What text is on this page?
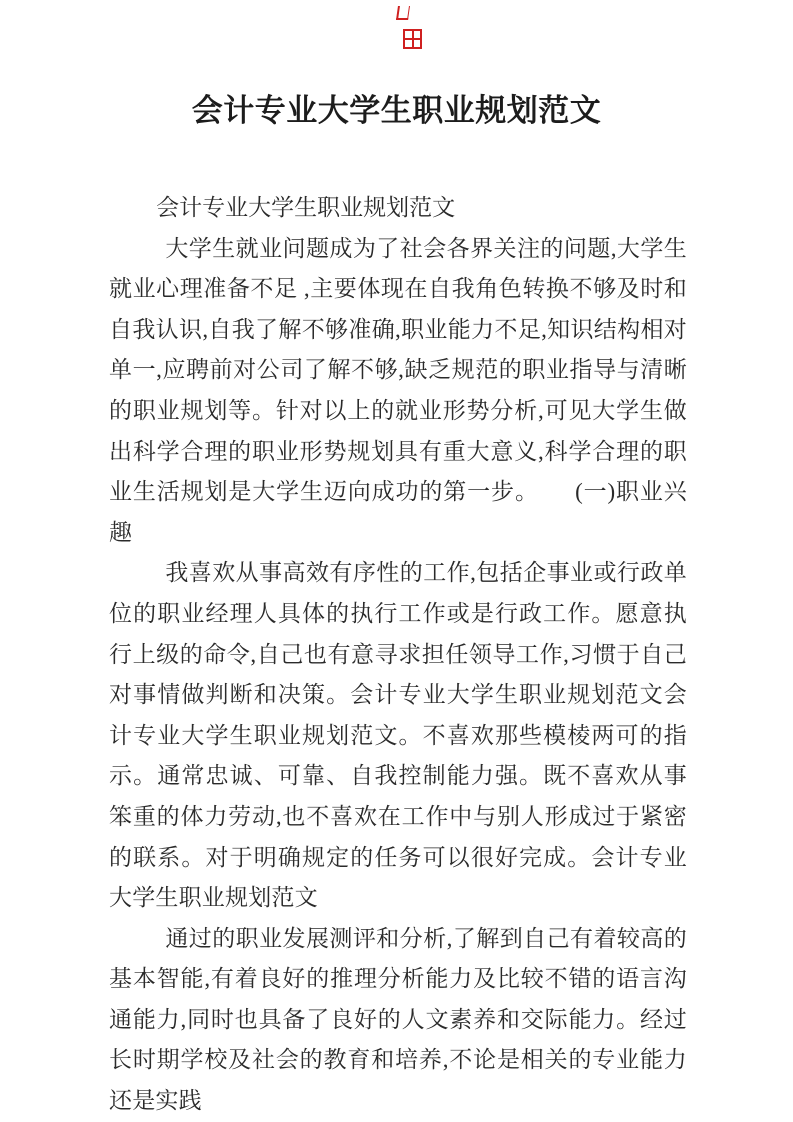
会计专业大学生职业规划范文

会计专业大学生职业规划范文

大学生就业问题成为了社会各界关注的问题,大学生就业心理准备不足 ,主要体现在自我角色转换不够及时和自我认识,自我了解不够准确,职业能力不足,知识结构相对单一,应聘前对公司了解不够,缺乏规范的职业指导与清晰的职业规划等。针对以上的就业形势分析,可见大学生做出科学合理的职业形势规划具有重大意义,科学合理的职业生活规划是大学生迈向成功的第一步。　　(一)职业兴趣

我喜欢从事高效有序性的工作,包括企事业或行政单位的职业经理人具体的执行工作或是行政工作。愿意执行上级的命令,自己也有意寻求担任领导工作,习惯于自己对事情做判断和决策。会计专业大学生职业规划范文会计专业大学生职业规划范文。不喜欢那些模棱两可的指示。通常忠诚、可靠、自我控制能力强。既不喜欢从事笨重的体力劳动,也不喜欢在工作中与别人形成过于紧密的联系。对于明确规定的任务可以很好完成。会计专业大学生职业规划范文

通过的职业发展测评和分析,了解到自己有着较高的基本智能,有着良好的推理分析能力及比较不错的语言沟通能力,同时也具备了良好的人文素养和交际能力。经过长时期学校及社会的教育和培养,不论是相关的专业能力还是实践
